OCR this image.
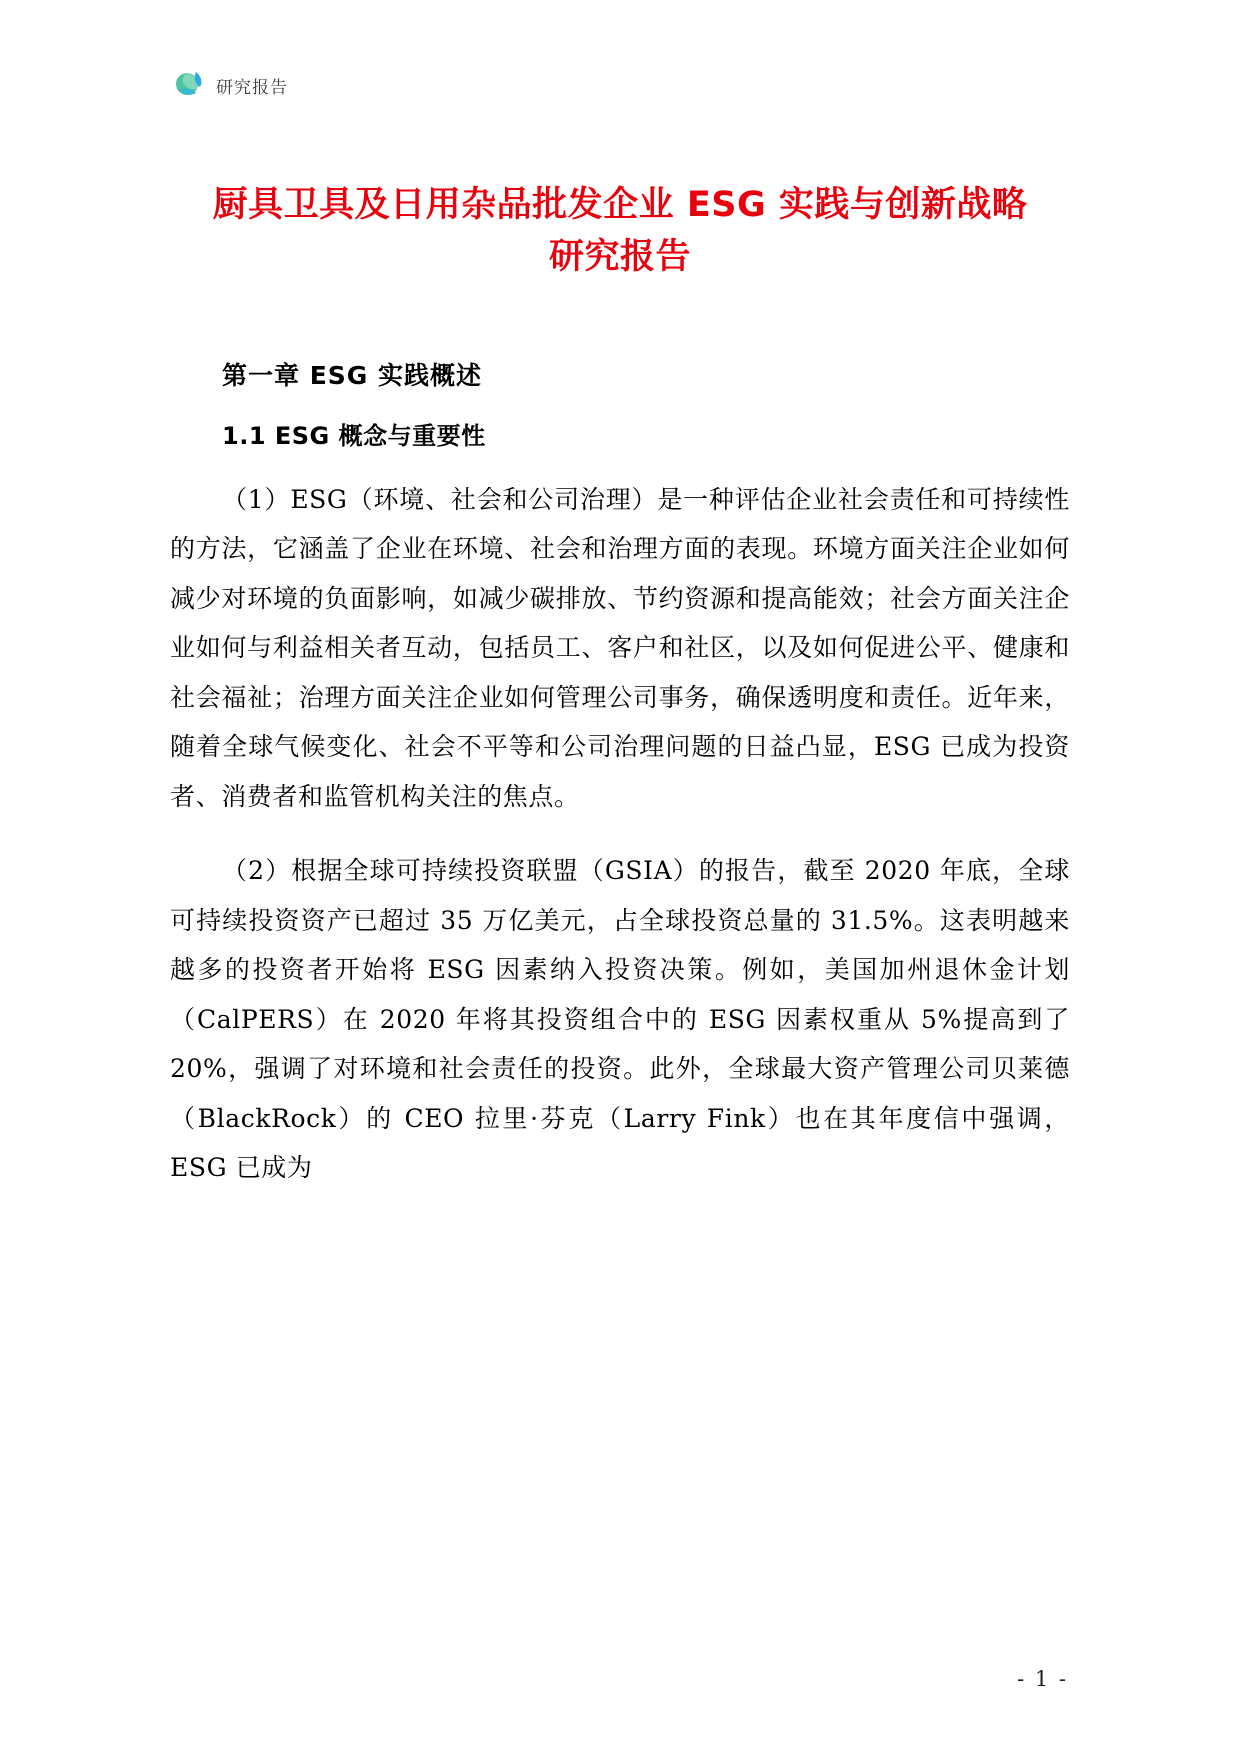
研究报告
厨具卫具及日用杂品批发企业 ESG 实践与创新战略研究报告
第一章 ESG 实践概述
1.1 ESG 概念与重要性

（1）ESG（环境、社会和公司治理）是一种评估企业社会责任和可持续性的方法，它涵盖了企业在环境、社会和治理方面的表现。环境方面关注企业如何减少对环境的负面影响，如减少碳排放、节约资源和提高能效；社会方面关注企业如何与利益相关者互动，包括员工、客户和社区，以及如何促进公平、健康和社会福祉；治理方面关注企业如何管理公司事务，确保透明度和责任。近年来，随着全球气候变化、社会不平等和公司治理问题的日益凸显，ESG 已成为投资者、消费者和监管机构关注的焦点。

（2）根据全球可持续投资联盟（GSIA）的报告，截至 2020 年底，全球可持续投资资产已超过 35 万亿美元，占全球投资总量的 31.5%。这表明越来越多的投资者开始将 ESG 因素纳入投资决策。例如，美国加州退休金计划（CalPERS）在 2020 年将其投资组合中的 ESG 因素权重从 5%提高到了 20%，强调了对环境和社会责任的投资。此外，全球最大资产管理公司贝莱德（BlackRock）的 CEO 拉里·芬克（Larry Fink）也在其年度信中强调，ESG 已成为

- 1 -
